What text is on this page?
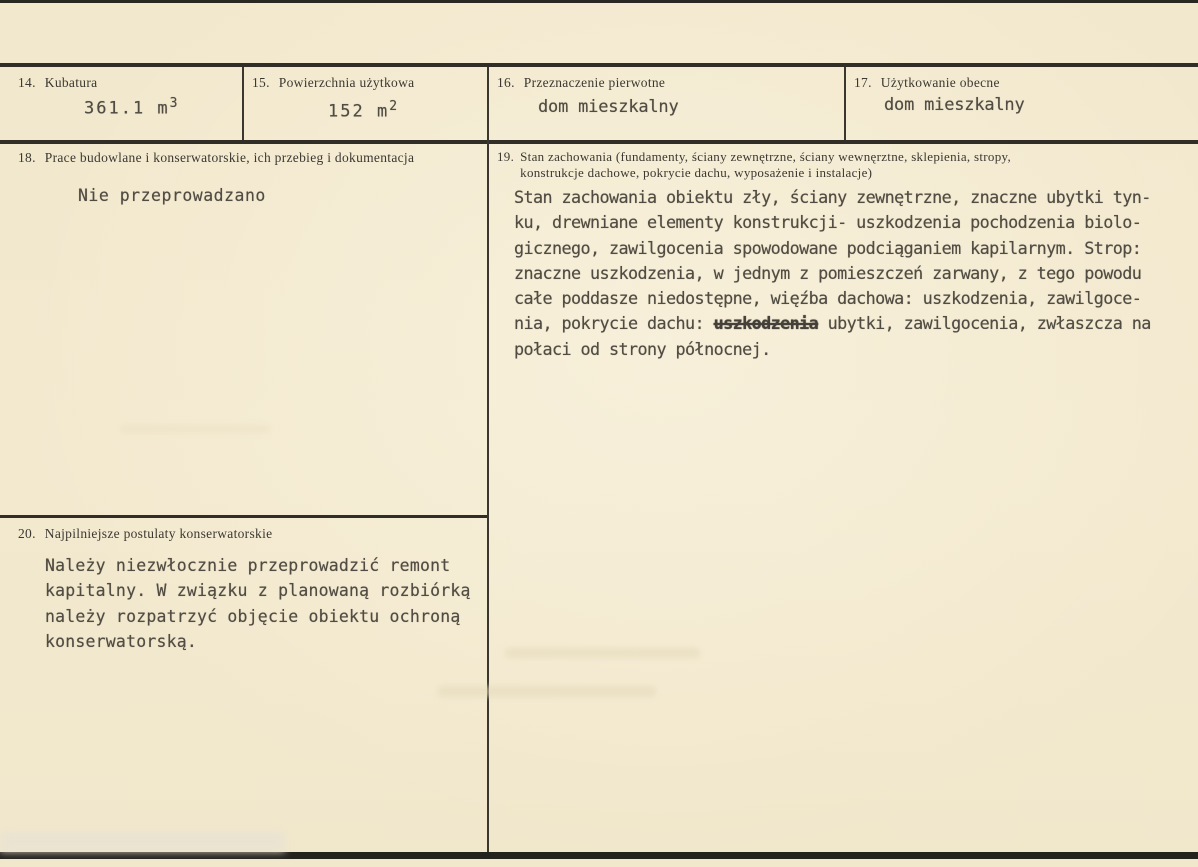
14. Kubatura
361.1 $m^3$
15. Powierzchnia użytkowa
152 $m^2$
16. Przeznaczenie pierwotne
dom mieszkalny
17. Użytkowanie obecne
dom mieszkalny
18. Prace budowlane i konserwatorskie, ich przebieg i dokumentacja
Nie przeprowadzano
19. Stan zachowania (fundamenty, ściany zewnętrzne, ściany wewnęrztne, sklepienia, stropy,
konstrukcje dachowe, pokrycie dachu, wyposażenie i instalacje)
Stan zachowania obiektu zły, ściany zewnętrzne, znaczne ubytki tyn-
ku, drewniane elementy konstrukcji- uszkodzenia pochodzenia biolo-
gicznego, zawilgocenia spowodowane podciąganiem kapilarnym. Strop:
znaczne uszkodzenia, w jednym z pomieszczeń zarwany, z tego powodu
całe poddasze niedostępne, więźba dachowa: uszkodzenia, zawilgoce-
nia, pokrycie dachu: uszkodzenia ubytki, zawilgocenia, zwłaszcza na
połaci od strony północnej.
20. Najpilniejsze postulaty konserwatorskie
Należy niezwłocznie przeprowadzić remont
kapitalny. W związku z planowaną rozbiórką
należy rozpatrzyć objęcie obiektu ochroną
konserwatorską.
